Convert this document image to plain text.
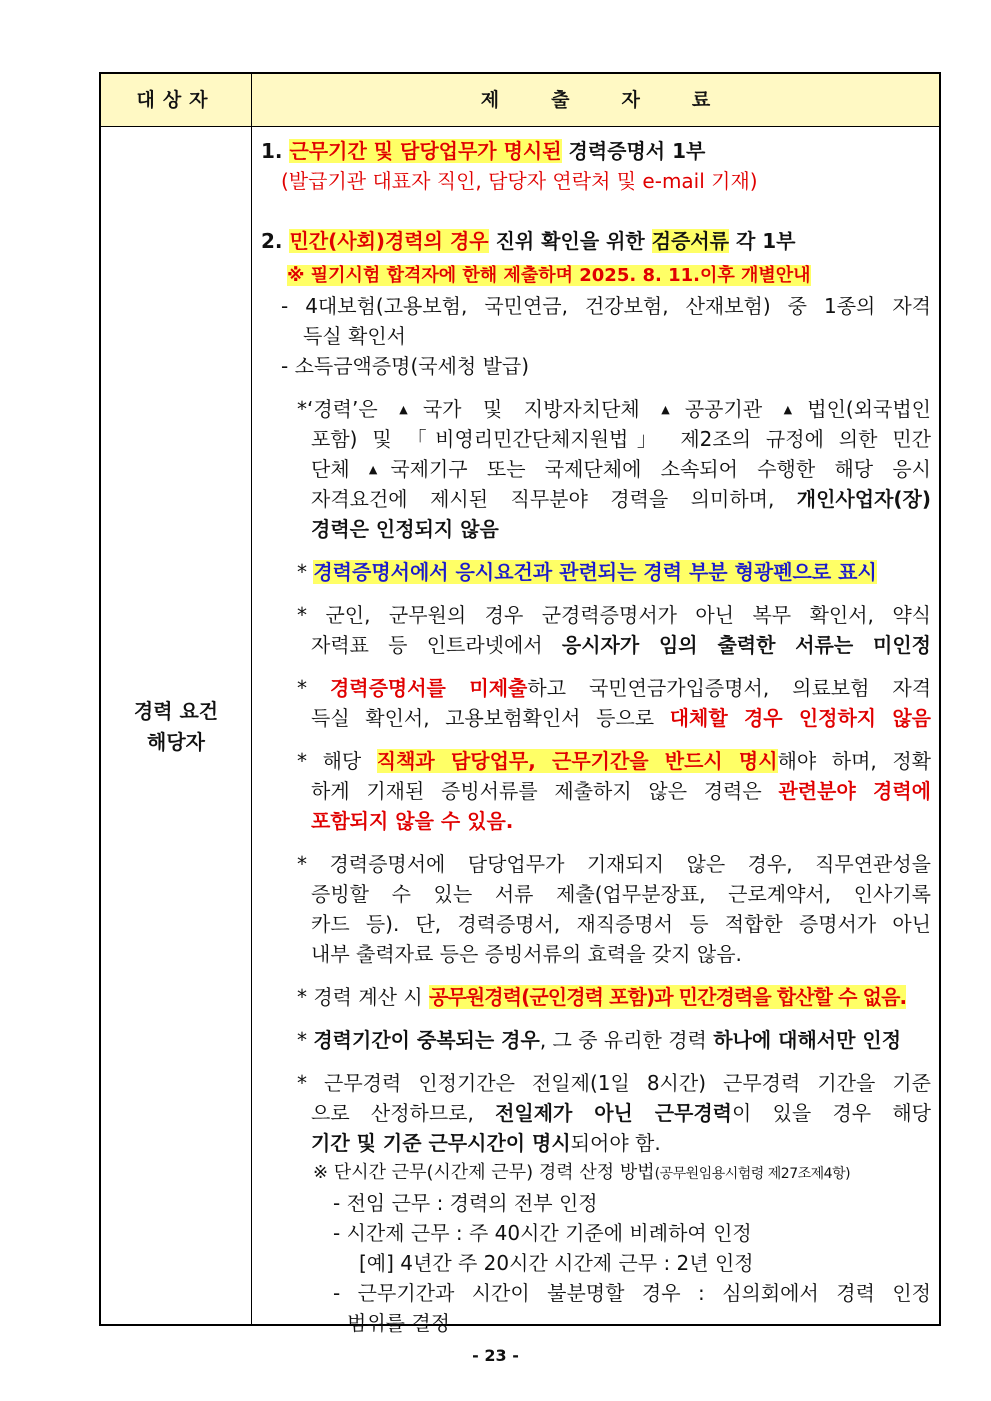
대상자	제출자료
경력 요건
해당자
1. 근무기간 및 담당업무가 명시된 경력증명서 1부
(발급기관 대표자 직인, 담당자 연락처 및 e-mail 기재)
2. 민간(사회)경력의 경우 진위 확인을 위한 검증서류 각 1부
※ 필기시험 합격자에 한해 제출하며 2025. 8. 11.이후 개별안내
- 4대보험(고용보험, 국민연금, 건강보험, 산재보험) 중 1종의 자격
득실 확인서
- 소득금액증명(국세청 발급)
*‘경력’은 ▲국가 및 지방자치단체 ▲공공기관 ▲법인(외국법인
포함) 및 「비영리민간단체지원법」 제2조의 규정에 의한 민간
단체 ▲국제기구 또는 국제단체에 소속되어 수행한 해당 응시
자격요건에 제시된 직무분야 경력을 의미하며, 개인사업자(장)
경력은 인정되지 않음
* 경력증명서에서 응시요건과 관련되는 경력 부분 형광펜으로 표시
* 군인, 군무원의 경우 군경력증명서가 아닌 복무 확인서, 약식
자력표 등 인트라넷에서 응시자가 임의 출력한 서류는 미인정
* 경력증명서를 미제출하고 국민연금가입증명서, 의료보험 자격
득실 확인서, 고용보험확인서 등으로 대체할 경우 인정하지 않음
* 해당 직책과 담당업무, 근무기간을 반드시 명시해야 하며, 정확
하게 기재된 증빙서류를 제출하지 않은 경력은 관련분야 경력에
포함되지 않을 수 있음.
* 경력증명서에 담당업무가 기재되지 않은 경우, 직무연관성을
증빙할 수 있는 서류 제출(업무분장표, 근로계약서, 인사기록
카드 등). 단, 경력증명서, 재직증명서 등 적합한 증명서가 아닌
내부 출력자료 등은 증빙서류의 효력을 갖지 않음.
* 경력 계산 시 공무원경력(군인경력 포함)과 민간경력을 합산할 수 없음.
* 경력기간이 중복되는 경우, 그 중 유리한 경력 하나에 대해서만 인정
* 근무경력 인정기간은 전일제(1일 8시간) 근무경력 기간을 기준
으로 산정하므로, 전일제가 아닌 근무경력이 있을 경우 해당
기간 및 기준 근무시간이 명시되어야 함.
※ 단시간 근무(시간제 근무) 경력 산정 방법(공무원임용시험령 제27조제4항)
- 전임 근무 : 경력의 전부 인정
- 시간제 근무 : 주 40시간 기준에 비례하여 인정
[예] 4년간 주 20시간 시간제 근무 : 2년 인정
- 근무기간과 시간이 불분명할 경우 : 심의회에서 경력 인정
범위를 결정
- 23 -
